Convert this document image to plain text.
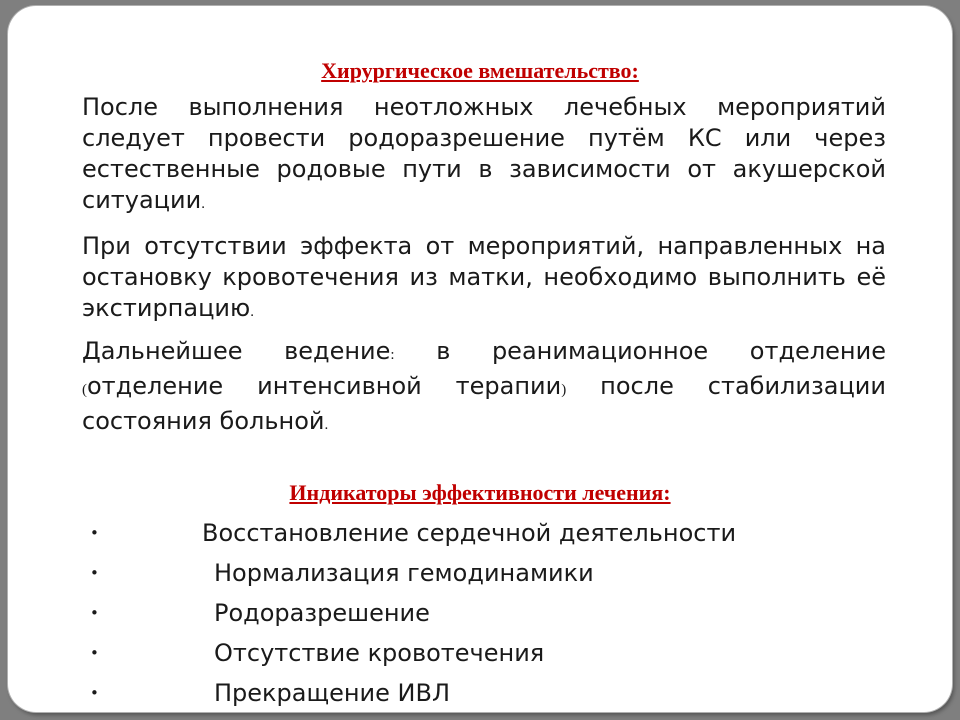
Хирургическое вмешательство:
После выполнения неотложных лечебных мероприятий следует провести родоразрешение путём КС или через естественные родовые пути в зависимости от акушерской ситуации.
При отсутствии эффекта от мероприятий, направленных на остановку кровотечения из матки, необходимо выполнить её экстирпацию.
Дальнейшее ведение: в реанимационное отделение (отделение интенсивной терапии) после стабилизации состояния больной.
Индикаторы эффективности лечения:
•	Восстановление сердечной деятельности
•	Нормализация гемодинамики
•	Родоразрешение
•	Отсутствие кровотечения
•	Прекращение ИВЛ
